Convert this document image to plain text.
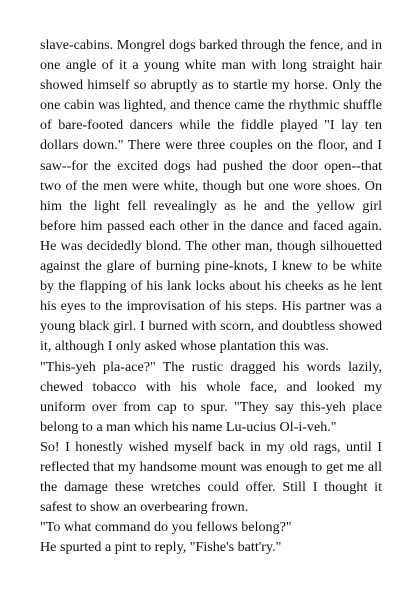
slave-cabins. Mongrel dogs barked through the fence, and in one angle of it a young white man with long straight hair showed himself so abruptly as to startle my horse. Only the one cabin was lighted, and thence came the rhythmic shuffle of bare-footed dancers while the fiddle played "I lay ten dollars down." There were three couples on the floor, and I saw--for the excited dogs had pushed the door open--that two of the men were white, though but one wore shoes. On him the light fell revealingly as he and the yellow girl before him passed each other in the dance and faced again. He was decidedly blond. The other man, though silhouetted against the glare of burning pine-knots, I knew to be white by the flapping of his lank locks about his cheeks as he lent his eyes to the improvisation of his steps. His partner was a young black girl. I burned with scorn, and doubtless showed it, although I only asked whose plantation this was.

"This-yeh pla-ace?" The rustic dragged his words lazily, chewed tobacco with his whole face, and looked my uniform over from cap to spur. "They say this-yeh place belong to a man which his name Lu-ucius Ol-i-veh."

So! I honestly wished myself back in my old rags, until I reflected that my handsome mount was enough to get me all the damage these wretches could offer. Still I thought it safest to show an overbearing frown.

"To what command do you fellows belong?"

He spurted a pint to reply, "Fishe's batt'ry."
